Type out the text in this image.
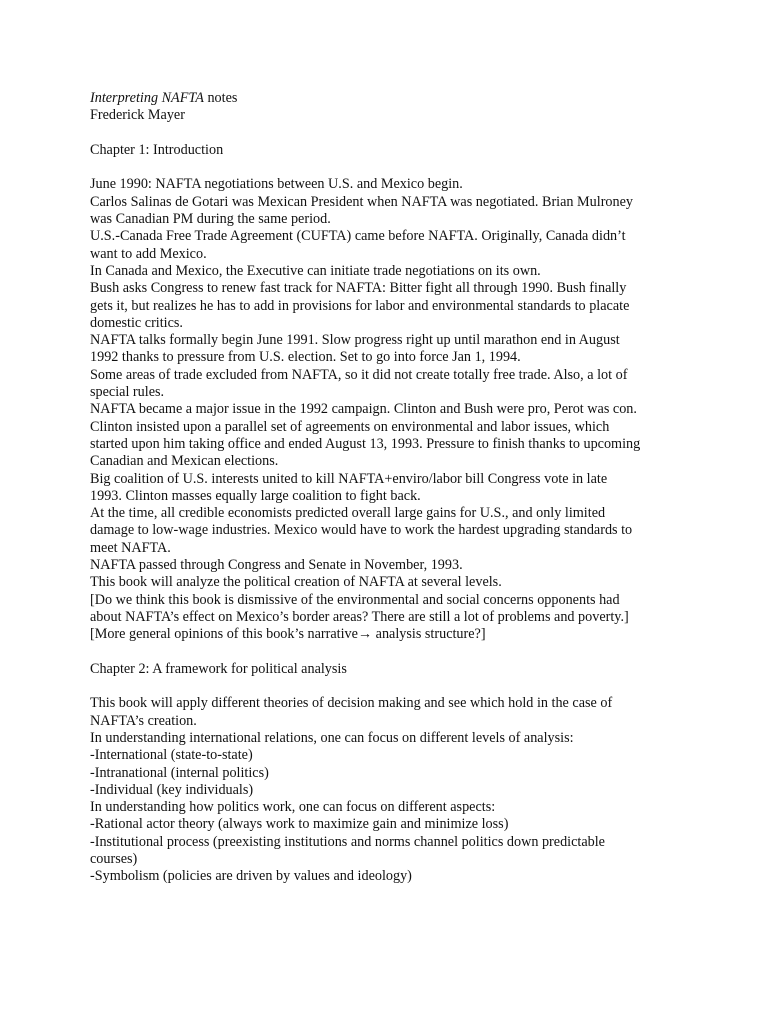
Interpreting NAFTA notes
Frederick Mayer
Chapter 1: Introduction
June 1990: NAFTA negotiations between U.S. and Mexico begin.
Carlos Salinas de Gotari was Mexican President when NAFTA was negotiated. Brian Mulroney
was Canadian PM during the same period.
U.S.-Canada Free Trade Agreement (CUFTA) came before NAFTA. Originally, Canada didn’t
want to add Mexico.
In Canada and Mexico, the Executive can initiate trade negotiations on its own.
Bush asks Congress to renew fast track for NAFTA: Bitter fight all through 1990. Bush finally
gets it, but realizes he has to add in provisions for labor and environmental standards to placate
domestic critics.
NAFTA talks formally begin June 1991. Slow progress right up until marathon end in August
1992 thanks to pressure from U.S. election. Set to go into force Jan 1, 1994.
Some areas of trade excluded from NAFTA, so it did not create totally free trade. Also, a lot of
special rules.
NAFTA became a major issue in the 1992 campaign. Clinton and Bush were pro, Perot was con.
Clinton insisted upon a parallel set of agreements on environmental and labor issues, which
started upon him taking office and ended August 13, 1993. Pressure to finish thanks to upcoming
Canadian and Mexican elections.
Big coalition of U.S. interests united to kill NAFTA+enviro/labor bill Congress vote in late
1993. Clinton masses equally large coalition to fight back.
At the time, all credible economists predicted overall large gains for U.S., and only limited
damage to low-wage industries. Mexico would have to work the hardest upgrading standards to
meet NAFTA.
NAFTA passed through Congress and Senate in November, 1993.
This book will analyze the political creation of NAFTA at several levels.
[Do we think this book is dismissive of the environmental and social concerns opponents had
about NAFTA’s effect on Mexico’s border areas? There are still a lot of problems and poverty.]
[More general opinions of this book’s narrative→ analysis structure?]
Chapter 2: A framework for political analysis
This book will apply different theories of decision making and see which hold in the case of
NAFTA’s creation.
In understanding international relations, one can focus on different levels of analysis:
-International (state-to-state)
-Intranational (internal politics)
-Individual (key individuals)
In understanding how politics work, one can focus on different aspects:
-Rational actor theory (always work to maximize gain and minimize loss)
-Institutional process (preexisting institutions and norms channel politics down predictable
courses)
-Symbolism (policies are driven by values and ideology)
